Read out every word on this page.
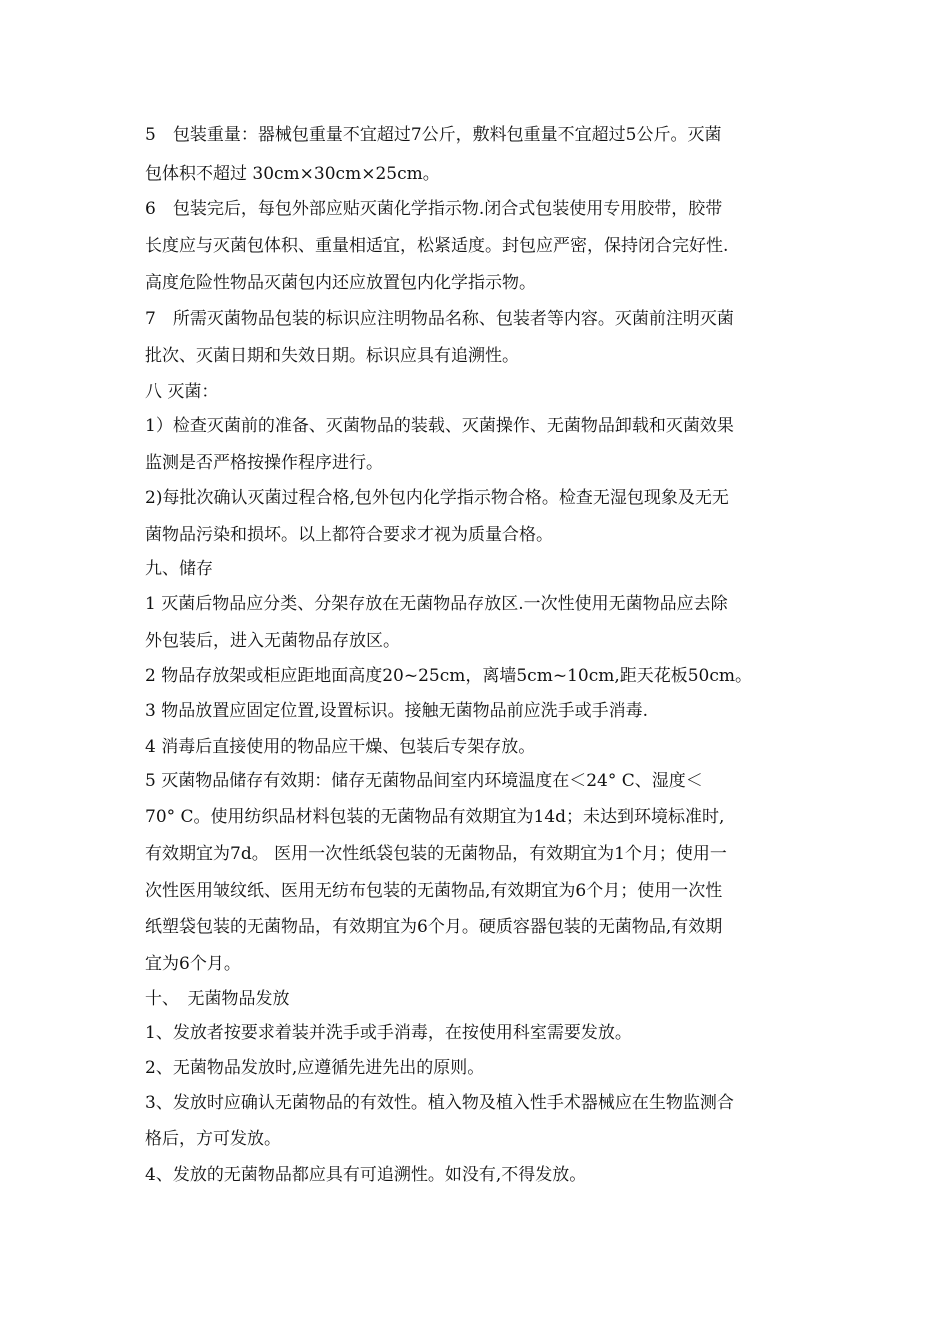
5　包装重量：器械包重量不宜超过7公斤，敷料包重量不宜超过5公斤。灭菌
包体积不超过 30cm×30cm×25cm。
6　包装完后，每包外部应贴灭菌化学指示物.闭合式包装使用专用胶带，胶带
长度应与灭菌包体积、重量相适宜，松紧适度。封包应严密，保持闭合完好性.
高度危险性物品灭菌包内还应放置包内化学指示物。
7　所需灭菌物品包装的标识应注明物品名称、包装者等内容。灭菌前注明灭菌
批次、灭菌日期和失效日期。标识应具有追溯性。
八 灭菌：
1）检查灭菌前的准备、灭菌物品的装载、灭菌操作、无菌物品卸载和灭菌效果
监测是否严格按操作程序进行。
2)每批次确认灭菌过程合格,包外包内化学指示物合格。检查无湿包现象及无无
菌物品污染和损坏。以上都符合要求才视为质量合格。
九、储存
1 灭菌后物品应分类、分架存放在无菌物品存放区.一次性使用无菌物品应去除
外包装后，进入无菌物品存放区。
2 物品存放架或柜应距地面高度20~25cm，离墙5cm~10cm,距天花板50cm。
3 物品放置应固定位置,设置标识。接触无菌物品前应洗手或手消毒.
4 消毒后直接使用的物品应干燥、包装后专架存放。
5 灭菌物品储存有效期：储存无菌物品间室内环境温度在＜24° C、湿度＜
70° C。使用纺织品材料包装的无菌物品有效期宜为14d；未达到环境标准时,
有效期宜为7d。 医用一次性纸袋包装的无菌物品，有效期宜为1个月；使用一
次性医用皱纹纸、医用无纺布包装的无菌物品,有效期宜为6个月；使用一次性
纸塑袋包装的无菌物品，有效期宜为6个月。硬质容器包装的无菌物品,有效期
宜为6个月。
十、　无菌物品发放
1、发放者按要求着装并洗手或手消毒，在按使用科室需要发放。
2、无菌物品发放时,应遵循先进先出的原则。
3、发放时应确认无菌物品的有效性。植入物及植入性手术器械应在生物监测合
格后，方可发放。
4、发放的无菌物品都应具有可追溯性。如没有,不得发放。
